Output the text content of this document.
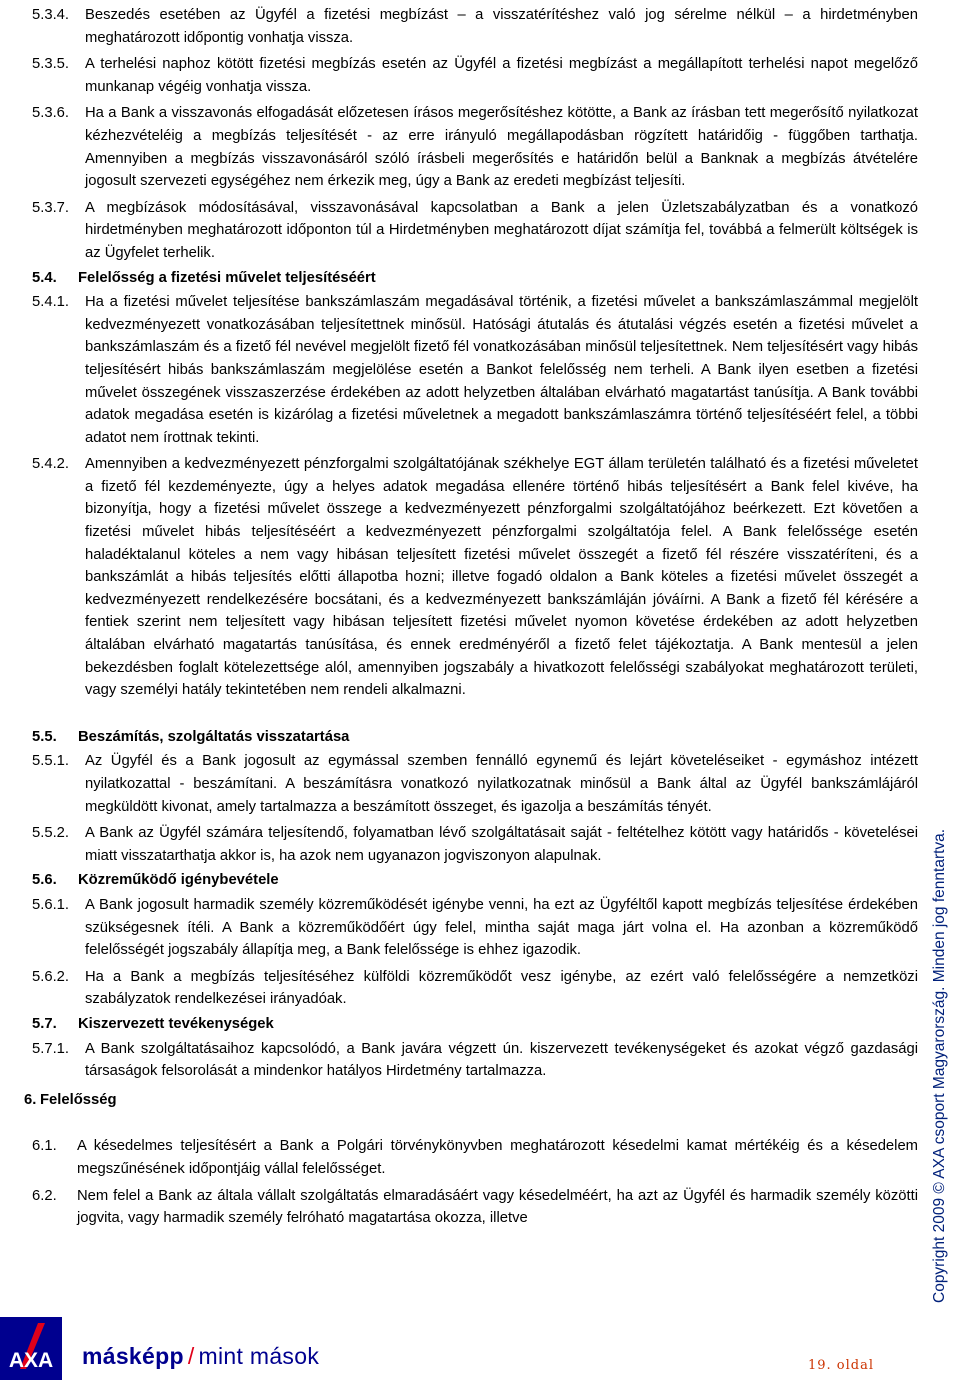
5.3.4.	Beszedés esetében az Ügyfél a fizetési megbízást – a visszatérítéshez való jog sérelme nélkül – a hirdetményben meghatározott időpontig vonhatja vissza.
5.3.5.	A terhelési naphoz kötött fizetési megbízás esetén az Ügyfél a fizetési megbízást a megállapított terhelési napot megelőző munkanap végéig vonhatja vissza.
5.3.6.	Ha a Bank a visszavonás elfogadását előzetesen írásos megerősítéshez kötötte, a Bank az írásban tett megerősítő nyilatkozat kézhezvételéig a megbízás teljesítését - az erre irányuló megállapodásban rögzített határidőig - függőben tarthatja. Amennyiben a megbízás visszavonásáról szóló írásbeli megerősítés e határidőn belül a Banknak a megbízás átvételére jogosult szervezeti egységéhez nem érkezik meg, úgy a Bank az eredeti megbízást teljesíti.
5.3.7.	A megbízások módosításával, visszavonásával kapcsolatban a Bank a jelen Üzletszabályzatban és a vonatkozó hirdetményben meghatározott időponton túl a Hirdetményben meghatározott díjat számítja fel, továbbá a felmerült költségek is az Ügyfelet terhelik.
5.4.	Felelősség a fizetési művelet teljesítéséért
5.4.1.	Ha a fizetési művelet teljesítése bankszámlaszám megadásával történik, a fizetési művelet a bankszámlaszámmal megjelölt kedvezményezett vonatkozásában teljesítettnek minősül. Hatósági átutalás és átutalási végzés esetén a fizetési művelet a bankszámlaszám és a fizető fél nevével megjelölt fizető fél vonatkozásában minősül teljesítettnek. Nem teljesítésért vagy hibás teljesítésért hibás bankszámlaszám megjelölése esetén a Bankot felelősség nem terheli. A Bank ilyen esetben a fizetési művelet összegének visszaszerzése érdekében az adott helyzetben általában elvárható magatartást tanúsítja. A Bank további adatok megadása esetén is kizárólag a fizetési műveletnek a megadott bankszámlaszámra történő teljesítéséért felel, a többi adatot nem írottnak tekinti.
5.4.2.	Amennyiben a kedvezményezett pénzforgalmi szolgáltatójának székhelye EGT állam területén található és a fizetési műveletet a fizető fél kezdeményezte, úgy a helyes adatok megadása ellenére történő hibás teljesítésért a Bank felel kivéve, ha bizonyítja, hogy a fizetési művelet összege a kedvezményezett pénzforgalmi szolgáltatójához beérkezett. Ezt követően a fizetési művelet hibás teljesítéséért a kedvezményezett pénzforgalmi szolgáltatója felel. A Bank felelőssége esetén haladéktalanul köteles a nem vagy hibásan teljesített fizetési művelet összegét a fizető fél részére visszatéríteni, és a bankszámlát a hibás teljesítés előtti állapotba hozni; illetve fogadó oldalon a Bank köteles a fizetési művelet összegét a kedvezményezett rendelkezésére bocsátani, és a kedvezményezett bankszámláján jóváírni. A Bank a fizető fél kérésére a fentiek szerint nem teljesített vagy hibásan teljesített fizetési művelet nyomon követése érdekében az adott helyzetben általában elvárható magatartás tanúsítása, és ennek eredményéről a fizető felet tájékoztatja. A Bank mentesül a jelen bekezdésben foglalt kötelezettsége alól, amennyiben jogszabály a hivatkozott felelősségi szabályokat meghatározott területi, vagy személyi hatály tekintetében nem rendeli alkalmazni.
5.5.	Beszámítás, szolgáltatás visszatartása
5.5.1.	Az Ügyfél és a Bank jogosult az egymással szemben fennálló egynemű és lejárt követeléseiket - egymáshoz intézett nyilatkozattal - beszámítani. A beszámításra vonatkozó nyilatkozatnak minősül a Bank által az Ügyfél bankszámlájáról megküldött kivonat, amely tartalmazza a beszámított összeget, és igazolja a beszámítás tényét.
5.5.2.	A Bank az Ügyfél számára teljesítendő, folyamatban lévő szolgáltatásait saját - feltételhez kötött vagy határidős - követelései miatt visszatarthatja akkor is, ha azok nem ugyanazon jogviszonyon alapulnak.
5.6.	Közreműködő igénybevétele
5.6.1.	A Bank jogosult harmadik személy közreműködését igénybe venni, ha ezt az Ügyféltől kapott megbízás teljesítése érdekében szükségesnek ítéli. A Bank a közreműködőért úgy felel, mintha saját maga járt volna el. Ha azonban a közreműködő felelősségét jogszabály állapítja meg, a Bank felelőssége is ehhez igazodik.
5.6.2.	Ha a Bank a megbízás teljesítéséhez külföldi közreműködőt vesz igénybe, az ezért való felelősségére a nemzetközi szabályzatok rendelkezései irányadóak.
5.7.	Kiszervezett tevékenységek
5.7.1.	A Bank szolgáltatásaihoz kapcsolódó, a Bank javára végzett ún. kiszervezett tevékenységeket és azokat végző gazdasági társaságok felsorolását a mindenkor hatályos Hirdetmény tartalmazza.
6. Felelősség
6.1.	A késedelmes teljesítésért a Bank a Polgári törvénykönyvben meghatározott késedelmi kamat mértékéig és a késedelem megszűnésének időpontjáig vállal felelősséget.
6.2.	Nem felel a Bank az általa vállalt szolgáltatás elmaradásáért vagy késedelméért, ha azt az Ügyfél és harmadik személy közötti jogvita, vagy harmadik személy felróható magatartása okozza, illetve	Copyright 2009 © AXA csoport Magyarország. Minden jog fenntartva.
AXA másképp / mint mások	19. oldal
